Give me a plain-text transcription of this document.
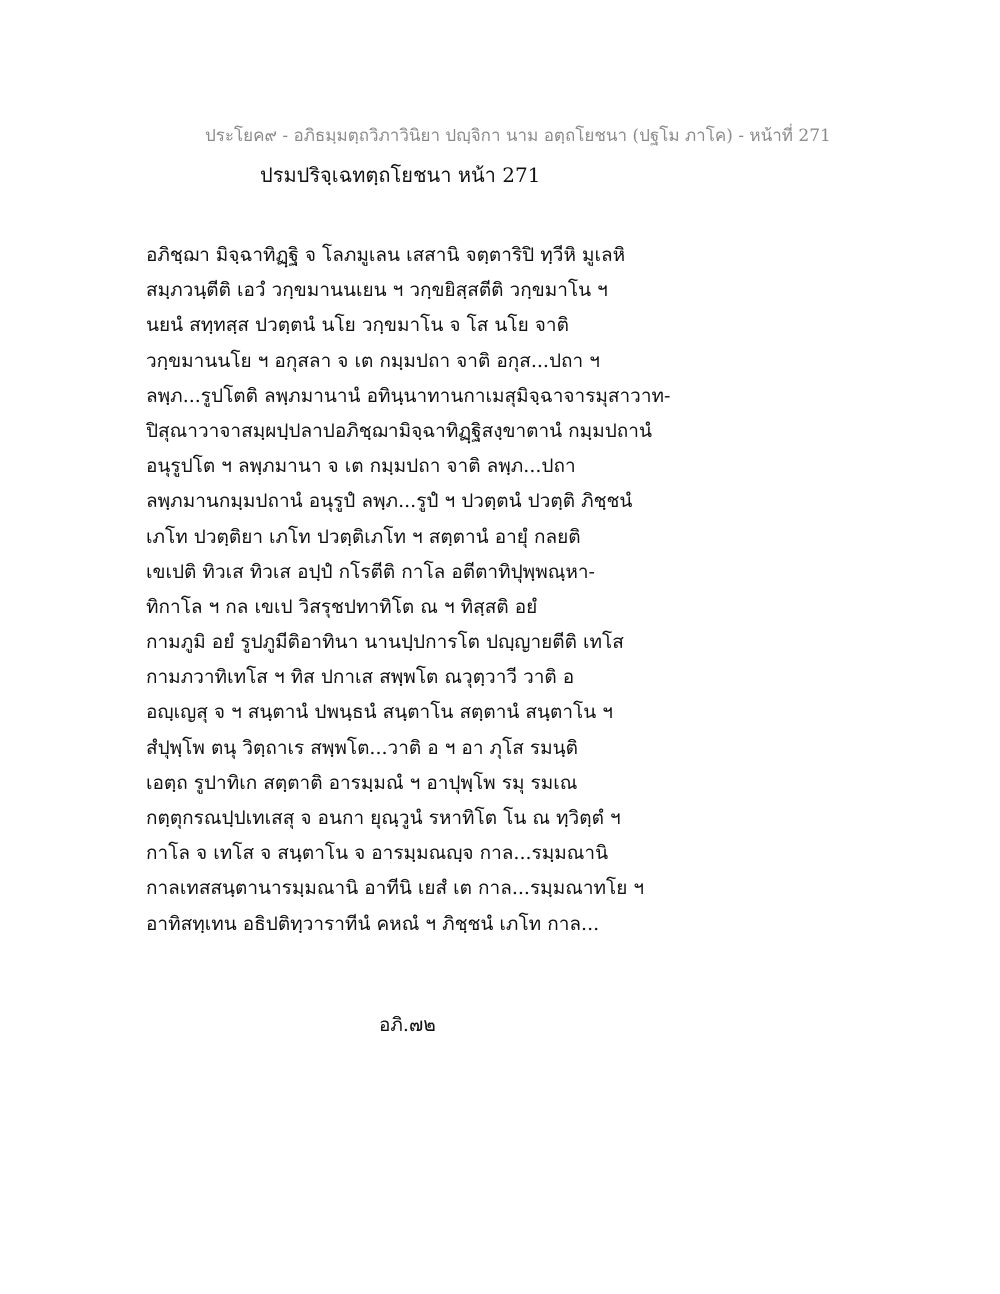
ประโยค๙ - อภิธมฺมตฺถวิภาวินิยา ปญฺจิกา นาม อตฺถโยชนา (ปฐโม ภาโค) - หน้าที่ 271
ปรมปริจฺเฉทตฺถโยชนา หน้า 271
อภิชฺฌา มิจฺฉาทิฏฺฐิ จ โลภมูเลน เสสานิ จตฺตาริปิ ทฺวีหิ มูเลหิ
สมฺภวนฺตีติ เอวํ วกฺขมานนเยน ฯ วกฺขยิสฺสตีติ วกฺขมาโน ฯ
นยนํ สทฺทสฺส ปวตฺตนํ นโย วกฺขมาโน จ โส นโย จาติ
วกฺขมานนโย ฯ อกุสลา จ เต กมฺมปถา จาติ อกุส...ปถา ฯ
ลพฺภ...รูปโตติ ลพฺภมานานํ อทินฺนาทานกาเมสุมิจฺฉาจารมุสาวาท-
ปิสุณาวาจาสมฺผปฺปลาปอภิชฺฌามิจฺฉาทิฏฺฐิสงฺขาตานํ กมฺมปถานํ
อนุรูปโต ฯ ลพฺภมานา จ เต กมฺมปถา จาติ ลพฺภ...ปถา
ลพฺภมานกมฺมปถานํ อนุรูปํ ลพฺภ...รูปํ ฯ ปวตฺตนํ ปวตฺติ ภิชฺชนํ
เภโท ปวตฺติยา เภโท ปวตฺติเภโท ฯ สตฺตานํ อายุํ กลยติ
เขเปติ ทิวเส ทิวเส อปฺปํ กโรตีติ กาโล อตีตาทิปุพฺพณฺหา-
ทิกาโล ฯ กล เขเป วิสรุชปทาทิโต ณ ฯ ทิสฺสติ อยํ
กามภูมิ อยํ รูปภูมีติอาทินา นานปฺปการโต ปญฺญายตีติ เทโส
กามภวาทิเทโส ฯ ทิส ปกาเส สพฺพโต ณวุตฺวาวี วาติ อ
อญฺเญสุ จ ฯ สนฺตานํ ปพนฺธนํ สนฺตาโน สตฺตานํ สนฺตาโน ฯ
สํปุพฺโพ ตนุ วิตฺถาเร สพฺพโต...วาติ อ ฯ อา ภุโส รมนฺติ
เอตฺถ รูปาทิเก สตฺตาติ อารมฺมณํ ฯ อาปุพฺโพ รมุ รมเณ
กตฺตุกรณปฺปเทเสสุ จ อนกา ยุณฺวูนํ รหาทิโต โน ณ ทฺวิตฺตํ ฯ
กาโล จ เทโส จ สนฺตาโน จ อารมฺมณญฺจ กาล...รมฺมณานิ
กาลเทสสนฺตานารมฺมณานิ อาทีนิ เยสํ เต กาล...รมฺมณาทโย ฯ
อาทิสทฺเทน อธิปติทฺวาราทีนํ คหณํ ฯ ภิชฺชนํ เภโท กาล...
อภิ.๗๒
